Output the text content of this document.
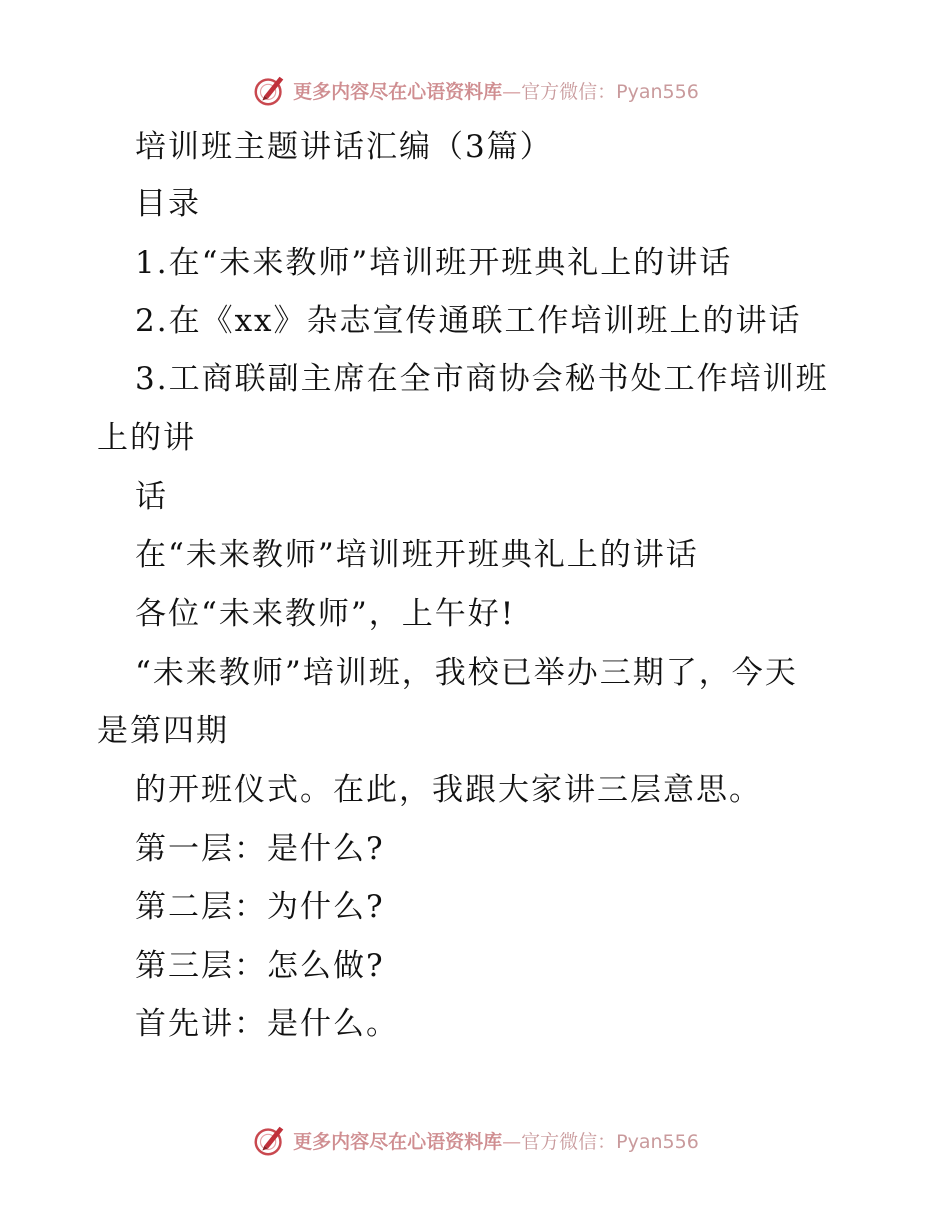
更多内容尽在心语资料库—官方微信：Pyan556
培训班主题讲话汇编（3篇）
目录
1.在“未来教师”培训班开班典礼上的讲话
2.在《xx》杂志宣传通联工作培训班上的讲话
3.工商联副主席在全市商协会秘书处工作培训班
上的讲
话
在“未来教师”培训班开班典礼上的讲话
各位“未来教师”，上午好!
“未来教师”培训班，我校已举办三期了，今天
是第四期
的开班仪式。在此，我跟大家讲三层意思。
第一层：是什么?
第二层：为什么?
第三层：怎么做?
首先讲：是什么。
更多内容尽在心语资料库—官方微信：Pyan556
